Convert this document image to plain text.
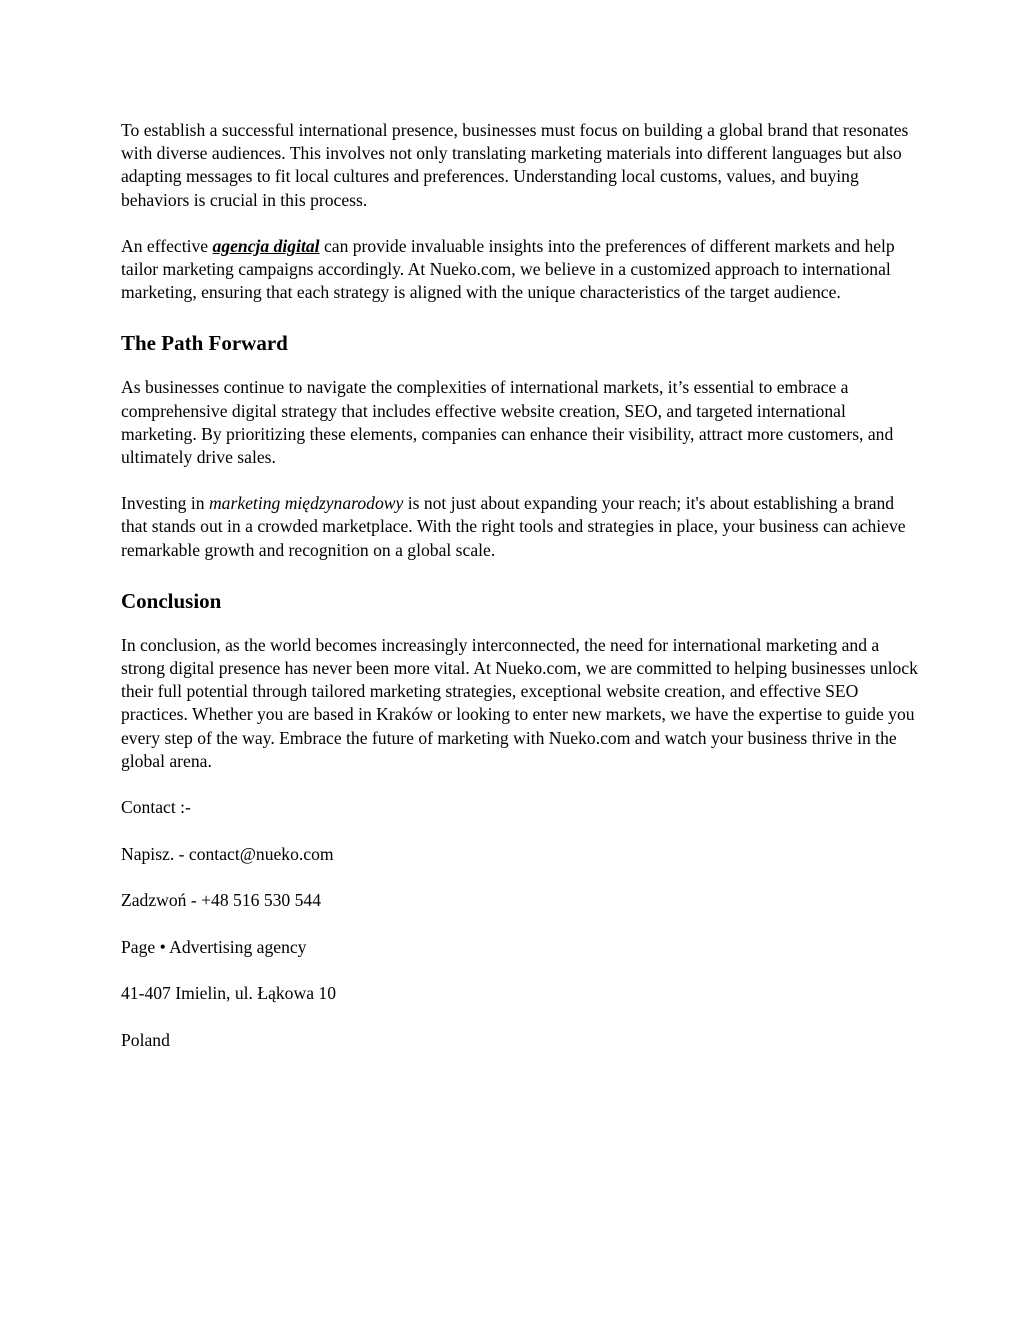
To establish a successful international presence, businesses must focus on building a global brand that resonates with diverse audiences. This involves not only translating marketing materials into different languages but also adapting messages to fit local cultures and preferences. Understanding local customs, values, and buying behaviors is crucial in this process.

An effective agencja digital can provide invaluable insights into the preferences of different markets and help tailor marketing campaigns accordingly. At Nueko.com, we believe in a customized approach to international marketing, ensuring that each strategy is aligned with the unique characteristics of the target audience.

The Path Forward

As businesses continue to navigate the complexities of international markets, it’s essential to embrace a comprehensive digital strategy that includes effective website creation, SEO, and targeted international marketing. By prioritizing these elements, companies can enhance their visibility, attract more customers, and ultimately drive sales.

Investing in marketing międzynarodowy is not just about expanding your reach; it's about establishing a brand that stands out in a crowded marketplace. With the right tools and strategies in place, your business can achieve remarkable growth and recognition on a global scale.

Conclusion

In conclusion, as the world becomes increasingly interconnected, the need for international marketing and a strong digital presence has never been more vital. At Nueko.com, we are committed to helping businesses unlock their full potential through tailored marketing strategies, exceptional website creation, and effective SEO practices. Whether you are based in Kraków or looking to enter new markets, we have the expertise to guide you every step of the way. Embrace the future of marketing with Nueko.com and watch your business thrive in the global arena.

Contact :-

Napisz. - contact@nueko.com

Zadzwoń - +48 516 530 544

Page • Advertising agency

41-407 Imielin, ul. Łąkowa 10

Poland
